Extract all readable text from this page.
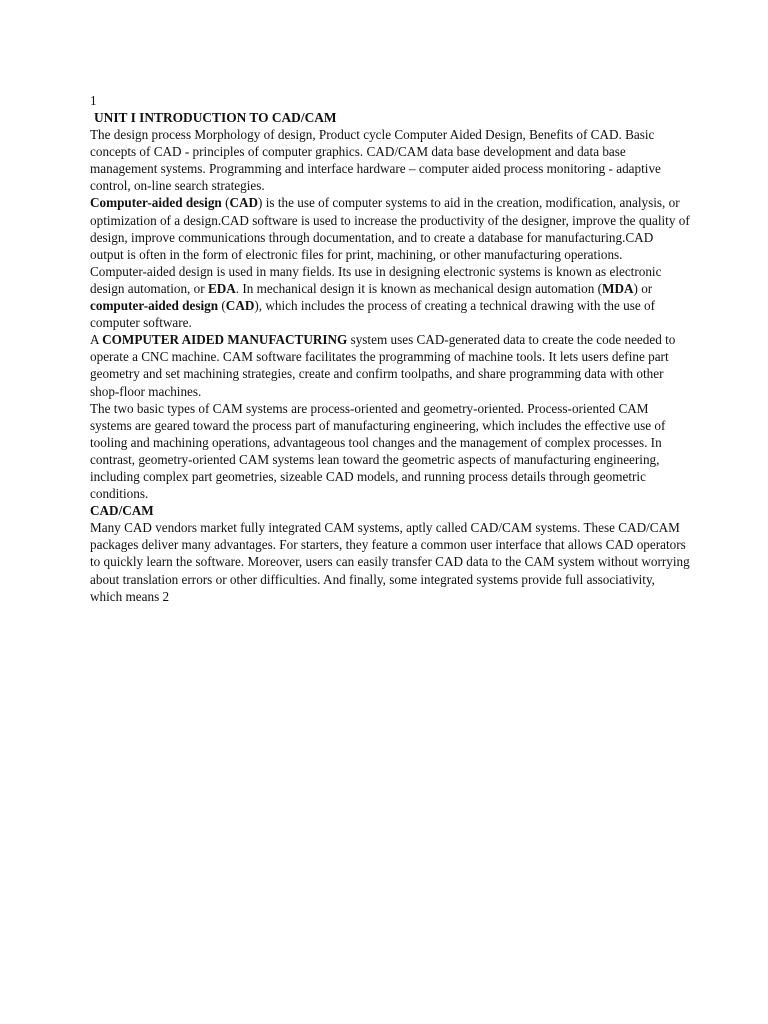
1

UNIT I INTRODUCTION TO CAD/CAM

The design process Morphology of design, Product cycle Computer Aided Design, Benefits of CAD. Basic concepts of CAD - principles of computer graphics. CAD/CAM data base development and data base management systems. Programming and interface hardware – computer aided process monitoring - adaptive control, on-line search strategies.

Computer-aided design (CAD) is the use of computer systems to aid in the creation, modification, analysis, or optimization of a design.CAD software is used to increase the productivity of the designer, improve the quality of design, improve communications through documentation, and to create a database for manufacturing.CAD output is often in the form of electronic files for print, machining, or other manufacturing operations.

Computer-aided design is used in many fields. Its use in designing electronic systems is known as electronic design automation, or EDA. In mechanical design it is known as mechanical design automation (MDA) or computer-aided design (CAD), which includes the process of creating a technical drawing with the use of computer software.

A COMPUTER AIDED MANUFACTURING system uses CAD-generated data to create the code needed to operate a CNC machine. CAM software facilitates the programming of machine tools. It lets users define part geometry and set machining strategies, create and confirm toolpaths, and share programming data with other shop-floor machines.

The two basic types of CAM systems are process-oriented and geometry-oriented. Process-oriented CAM systems are geared toward the process part of manufacturing engineering, which includes the effective use of tooling and machining operations, advantageous tool changes and the management of complex processes. In contrast, geometry-oriented CAM systems lean toward the geometric aspects of manufacturing engineering, including complex part geometries, sizeable CAD models, and running process details through geometric conditions.

CAD/CAM

Many CAD vendors market fully integrated CAM systems, aptly called CAD/CAM systems. These CAD/CAM packages deliver many advantages. For starters, they feature a common user interface that allows CAD operators to quickly learn the software. Moreover, users can easily transfer CAD data to the CAM system without worrying about translation errors or other difficulties. And finally, some integrated systems provide full associativity, which means 2
